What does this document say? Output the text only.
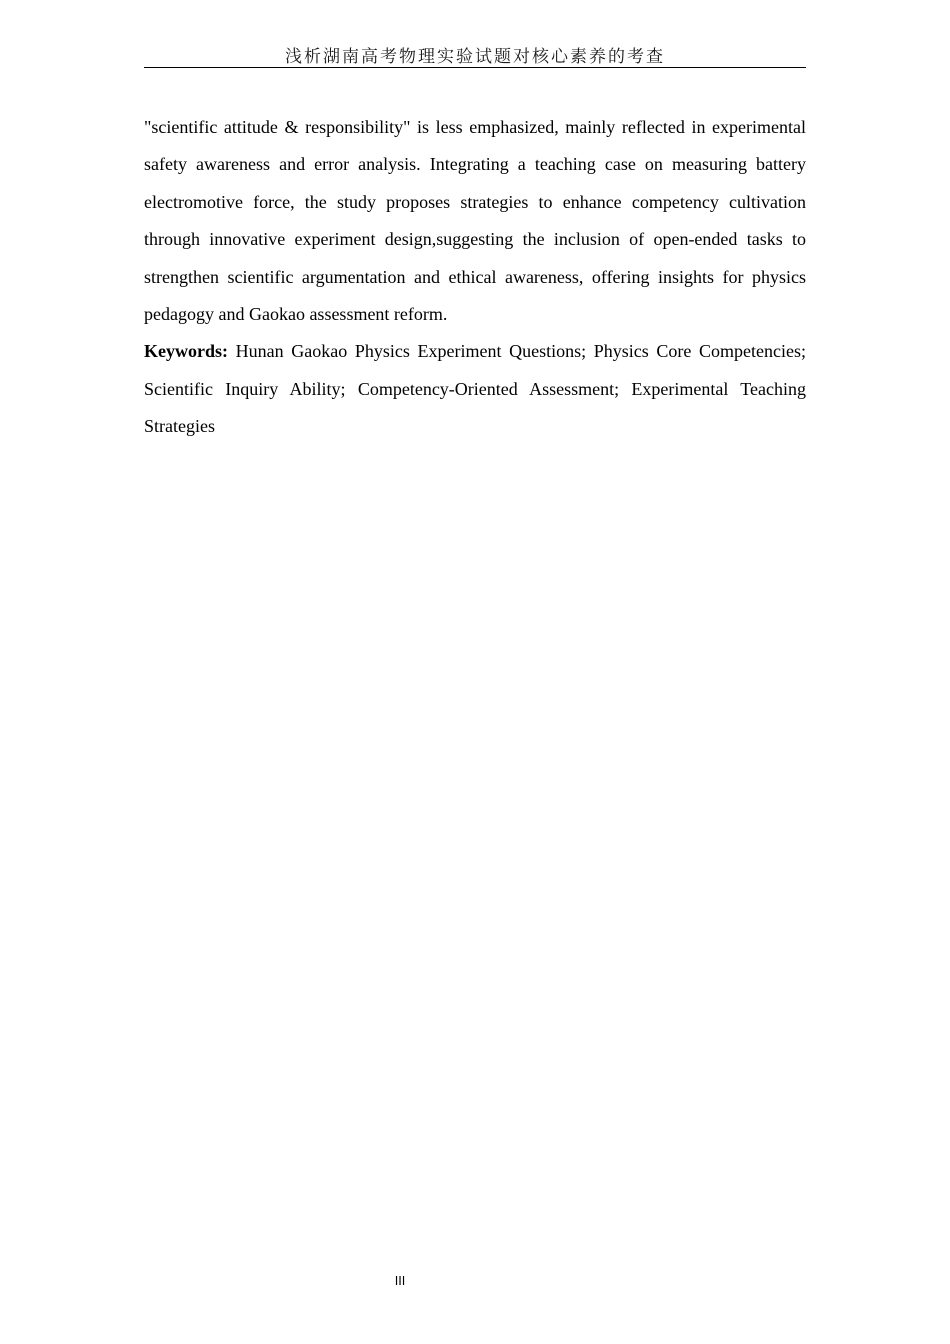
浅析湖南高考物理实验试题对核心素养的考查

"scientific attitude & responsibility" is less emphasized, mainly reflected in experimental safety awareness and error analysis. Integrating a teaching case on measuring battery electromotive force, the study proposes strategies to enhance competency cultivation through innovative experiment design,suggesting the inclusion of open-ended tasks to strengthen scientific argumentation and ethical awareness, offering insights for physics pedagogy and Gaokao assessment reform.

Keywords: Hunan Gaokao Physics Experiment Questions; Physics Core Competencies; Scientific Inquiry Ability; Competency-Oriented Assessment; Experimental Teaching Strategies

III
